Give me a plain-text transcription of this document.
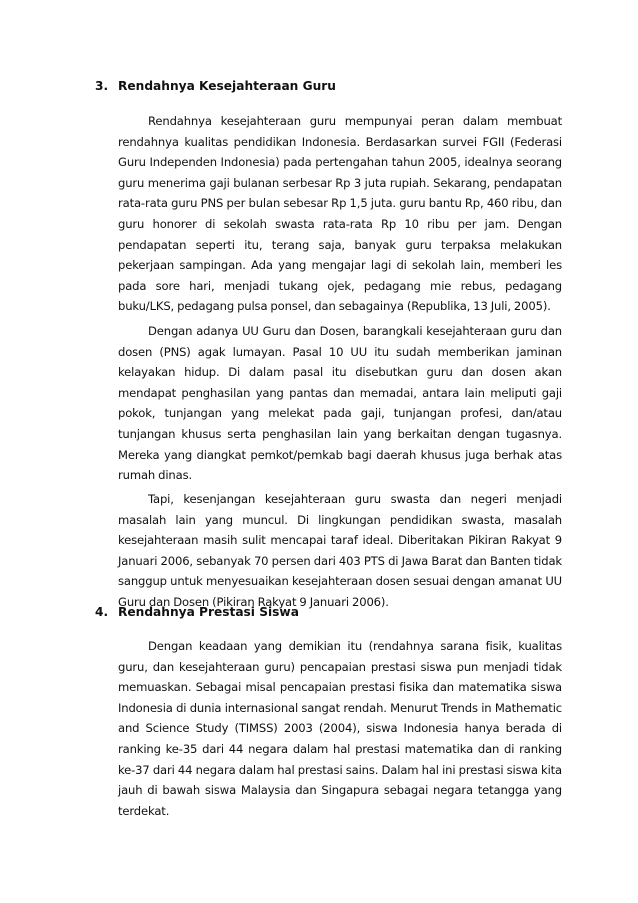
3. Rendahnya Kesejahteraan Guru

Rendahnya kesejahteraan guru mempunyai peran dalam membuat rendahnya kualitas pendidikan Indonesia. Berdasarkan survei FGII (Federasi Guru Independen Indonesia) pada pertengahan tahun 2005, idealnya seorang guru menerima gaji bulanan serbesar Rp 3 juta rupiah. Sekarang, pendapatan rata-rata guru PNS per bulan sebesar Rp 1,5 juta. guru bantu Rp, 460 ribu, dan guru honorer di sekolah swasta rata-rata Rp 10 ribu per jam. Dengan pendapatan seperti itu, terang saja, banyak guru terpaksa melakukan pekerjaan sampingan. Ada yang mengajar lagi di sekolah lain, memberi les pada sore hari, menjadi tukang ojek, pedagang mie rebus, pedagang buku/LKS, pedagang pulsa ponsel, dan sebagainya (Republika, 13 Juli, 2005).

Dengan adanya UU Guru dan Dosen, barangkali kesejahteraan guru dan dosen (PNS) agak lumayan. Pasal 10 UU itu sudah memberikan jaminan kelayakan hidup. Di dalam pasal itu disebutkan guru dan dosen akan mendapat penghasilan yang pantas dan memadai, antara lain meliputi gaji pokok, tunjangan yang melekat pada gaji, tunjangan profesi, dan/atau tunjangan khusus serta penghasilan lain yang berkaitan dengan tugasnya. Mereka yang diangkat pemkot/pemkab bagi daerah khusus juga berhak atas rumah dinas.

Tapi, kesenjangan kesejahteraan guru swasta dan negeri menjadi masalah lain yang muncul. Di lingkungan pendidikan swasta, masalah kesejahteraan masih sulit mencapai taraf ideal. Diberitakan Pikiran Rakyat 9 Januari 2006, sebanyak 70 persen dari 403 PTS di Jawa Barat dan Banten tidak sanggup untuk menyesuaikan kesejahteraan dosen sesuai dengan amanat UU Guru dan Dosen (Pikiran Rakyat 9 Januari 2006).

4. Rendahnya Prestasi Siswa

Dengan keadaan yang demikian itu (rendahnya sarana fisik, kualitas guru, dan kesejahteraan guru) pencapaian prestasi siswa pun menjadi tidak memuaskan. Sebagai misal pencapaian prestasi fisika dan matematika siswa Indonesia di dunia internasional sangat rendah. Menurut Trends in Mathematic and Science Study (TIMSS) 2003 (2004), siswa Indonesia hanya berada di ranking ke-35 dari 44 negara dalam hal prestasi matematika dan di ranking ke-37 dari 44 negara dalam hal prestasi sains. Dalam hal ini prestasi siswa kita jauh di bawah siswa Malaysia dan Singapura sebagai negara tetangga yang terdekat.
